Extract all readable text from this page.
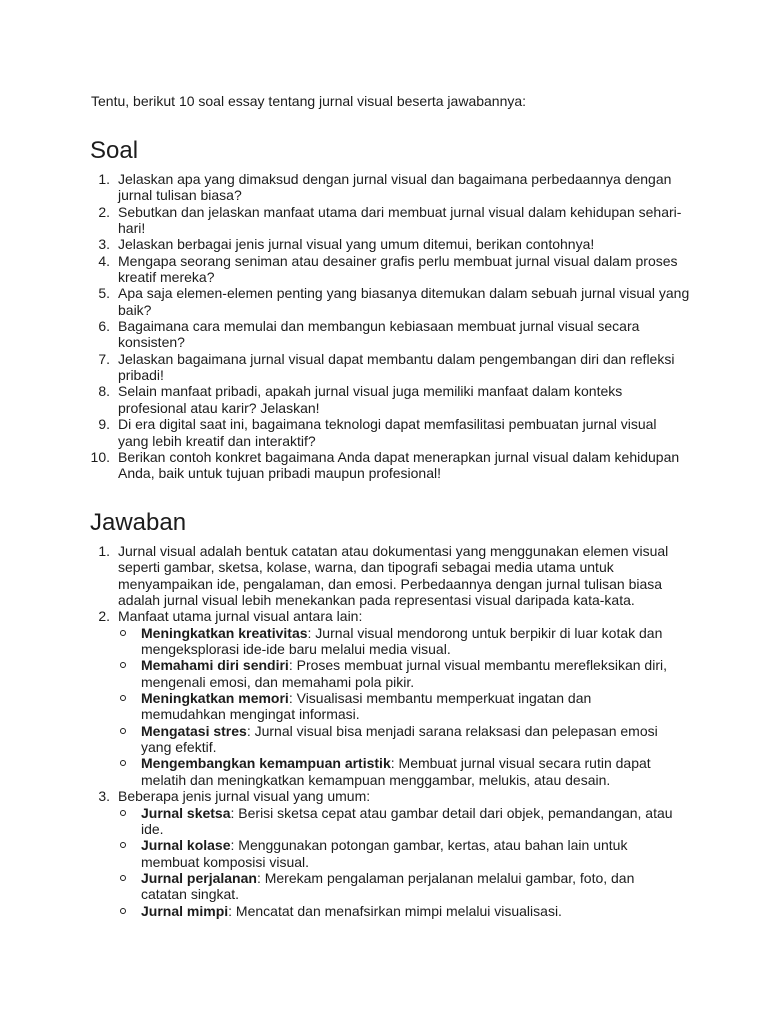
Tentu, berikut 10 soal essay tentang jurnal visual beserta jawabannya:

Soal
1. Jelaskan apa yang dimaksud dengan jurnal visual dan bagaimana perbedaannya dengan jurnal tulisan biasa?
2. Sebutkan dan jelaskan manfaat utama dari membuat jurnal visual dalam kehidupan sehari-hari!
3. Jelaskan berbagai jenis jurnal visual yang umum ditemui, berikan contohnya!
4. Mengapa seorang seniman atau desainer grafis perlu membuat jurnal visual dalam proses kreatif mereka?
5. Apa saja elemen-elemen penting yang biasanya ditemukan dalam sebuah jurnal visual yang baik?
6. Bagaimana cara memulai dan membangun kebiasaan membuat jurnal visual secara konsisten?
7. Jelaskan bagaimana jurnal visual dapat membantu dalam pengembangan diri dan refleksi pribadi!
8. Selain manfaat pribadi, apakah jurnal visual juga memiliki manfaat dalam konteks profesional atau karir? Jelaskan!
9. Di era digital saat ini, bagaimana teknologi dapat memfasilitasi pembuatan jurnal visual yang lebih kreatif dan interaktif?
10. Berikan contoh konkret bagaimana Anda dapat menerapkan jurnal visual dalam kehidupan Anda, baik untuk tujuan pribadi maupun profesional!
Jawaban
1. Jurnal visual adalah bentuk catatan atau dokumentasi yang menggunakan elemen visual seperti gambar, sketsa, kolase, warna, dan tipografi sebagai media utama untuk menyampaikan ide, pengalaman, dan emosi. Perbedaannya dengan jurnal tulisan biasa adalah jurnal visual lebih menekankan pada representasi visual daripada kata-kata.
2. Manfaat utama jurnal visual antara lain:
Meningkatkan kreativitas: Jurnal visual mendorong untuk berpikir di luar kotak dan mengeksplorasi ide-ide baru melalui media visual.
Memahami diri sendiri: Proses membuat jurnal visual membantu merefleksikan diri, mengenali emosi, dan memahami pola pikir.
Meningkatkan memori: Visualisasi membantu memperkuat ingatan dan memudahkan mengingat informasi.
Mengatasi stres: Jurnal visual bisa menjadi sarana relaksasi dan pelepasan emosi yang efektif.
Mengembangkan kemampuan artistik: Membuat jurnal visual secara rutin dapat melatih dan meningkatkan kemampuan menggambar, melukis, atau desain.
3. Beberapa jenis jurnal visual yang umum:
Jurnal sketsa: Berisi sketsa cepat atau gambar detail dari objek, pemandangan, atau ide.
Jurnal kolase: Menggunakan potongan gambar, kertas, atau bahan lain untuk membuat komposisi visual.
Jurnal perjalanan: Merekam pengalaman perjalanan melalui gambar, foto, dan catatan singkat.
Jurnal mimpi: Mencatat dan menafsirkan mimpi melalui visualisasi.
